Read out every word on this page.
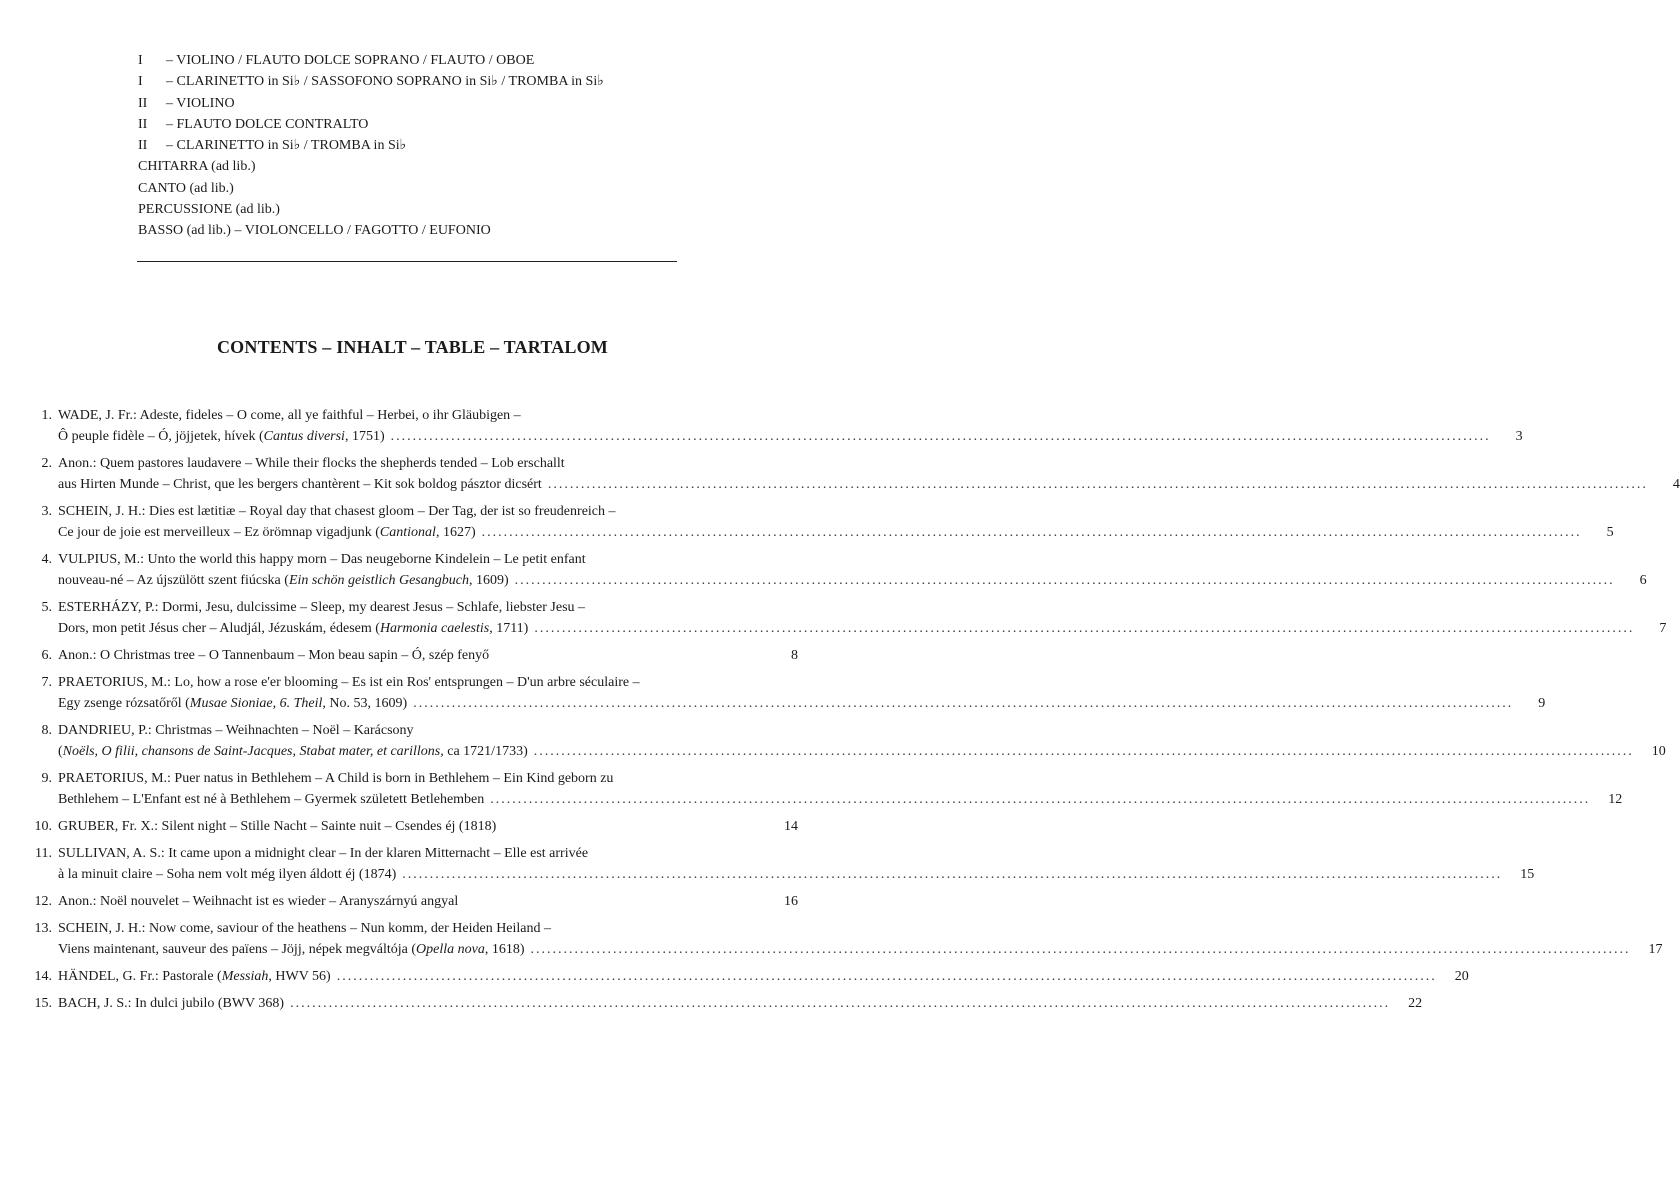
I – VIOLINO / FLAUTO DOLCE SOPRANO / FLAUTO / OBOE
I – CLARINETTO in Si♭ / SASSOFONO SOPRANO in Si♭ / TROMBA in Si♭
II – VIOLINO
II – FLAUTO DOLCE CONTRALTO
II – CLARINETTO in Si♭ / TROMBA in Si♭
CHITARRA (ad lib.)
CANTO (ad lib.)
PERCUSSIONE (ad lib.)
BASSO (ad lib.) – VIOLONCELLO / FAGOTTO / EUFONIO
CONTENTS – INHALT – TABLE – TARTALOM
1. WADE, J. Fr.: Adeste, fideles – O come, all ye faithful – Herbei, o ihr Gläubigen –
Ô peuple fidèle – Ó, jöjjetek, hívek (Cantus diversi, 1751) ........................................................................................................................................................................................................	3
2. Anon.: Quem pastores laudavere – While their flocks the shepherds tended – Lob erschallt
aus Hirten Munde – Christ, que les bergers chantèrent – Kit sok boldog pásztor dicsért ........................................................................................................................................................................................................	4
3. SCHEIN, J. H.: Dies est lætitiæ – Royal day that chasest gloom – Der Tag, der ist so freudenreich –
Ce jour de joie est merveilleux – Ez örömnap vigadjunk (Cantional, 1627) ........................................................................................................................................................................................................	5
4. VULPIUS, M.: Unto the world this happy morn – Das neugeborne Kindelein – Le petit enfant
nouveau-né – Az újszülött szent fiúcska (Ein schön geistlich Gesangbuch, 1609) ........................................................................................................................................................................................................	6
5. ESTERHÁZY, P.: Dormi, Jesu, dulcissime – Sleep, my dearest Jesus – Schlafe, liebster Jesu –
Dors, mon petit Jésus cher – Aludjál, Jézuskám, édesem (Harmonia caelestis, 1711) ........................................................................................................................................................................................................	7
6. Anon.: O Christmas tree – O Tannenbaum – Mon beau sapin – Ó, szép fenyő	8
7. PRAETORIUS, M.: Lo, how a rose e'er blooming – Es ist ein Ros' entsprungen – D'un arbre séculaire –
Egy zsenge rózsatőről (Musae Sioniae, 6. Theil, No. 53, 1609) ........................................................................................................................................................................................................	9
8. DANDRIEU, P.: Christmas – Weihnachten – Noël – Karácsony
(Noëls, O filii, chansons de Saint-Jacques, Stabat mater, et carillons, ca 1721/1733) ........................................................................................................................................................................................................	10
9. PRAETORIUS, M.: Puer natus in Bethlehem – A Child is born in Bethlehem – Ein Kind geborn zu
Bethlehem – L'Enfant est né à Bethlehem – Gyermek született Betlehemben ........................................................................................................................................................................................................	12
10. GRUBER, Fr. X.: Silent night – Stille Nacht – Sainte nuit – Csendes éj (1818)	14
11. SULLIVAN, A. S.: It came upon a midnight clear – In der klaren Mitternacht – Elle est arrivée
à la minuit claire – Soha nem volt még ilyen áldott éj (1874) ........................................................................................................................................................................................................	15
12. Anon.: Noël nouvelet – Weihnacht ist es wieder – Aranyszárnyú angyal	16
13. SCHEIN, J. H.: Now come, saviour of the heathens – Nun komm, der Heiden Heiland –
Viens maintenant, sauveur des païens – Jöjj, népek megváltója (Opella nova, 1618) ........................................................................................................................................................................................................	17
14. HÄNDEL, G. Fr.: Pastorale (Messiah, HWV 56) ........................................................................................................................................................................................................	20
15. BACH, J. S.: In dulci jubilo (BWV 368) ........................................................................................................................................................................................................	22
